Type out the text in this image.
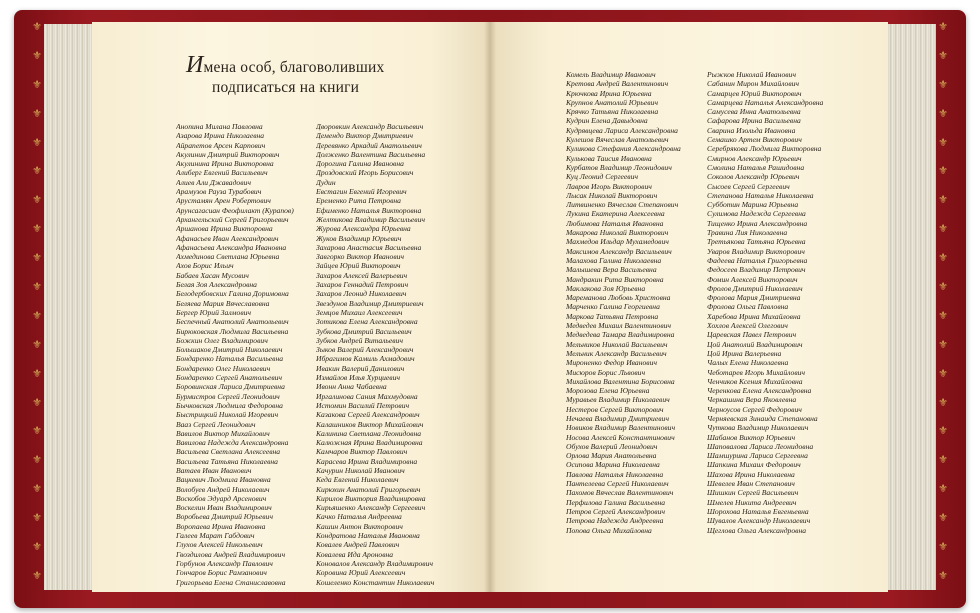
⚜
⚜
⚜
⚜
⚜
⚜
⚜
⚜
⚜
⚜
⚜
⚜
⚜
⚜
⚜
⚜
⚜
⚜
⚜
⚜
⚜
⚜
⚜
⚜
⚜
⚜
⚜
⚜
⚜
⚜
⚜
⚜
⚜
⚜
⚜
⚜
⚜
⚜
⚜
⚜
Имена особ, благоволивших
подписаться на книги
Анопина Милана Павловна
Азарова Ирина Николаевна
Айрапетов Арсен Карпович
Акулинин Дмитрий Викторович
Акулинина Ирина Викторовна
Алиберг Евгений Васильевич
Алиев Али Джавадович
Арамузов Рауза Турабович
Арустамян Арен Робертович
Арунсагасиан Феофилакт (Курапов)
Архангельский Сергей Григорьевич
Аршанова Ирина Викторовна
Афанасьев Иван Александрович
Афанасьева Александра Ивановна
Ахмединова Светлана Юрьевна
Ахов Борис Ильич
Бабаев Хасан Мусович
Белая Зоя Александровна
Белодербовских Галина Доримовна
Беляева Мария Вячеславовна
Бергер Юрий Залмович
Беспечный Анатолий Анатольевич
Бирюковская Людмила Васильевна
Божкин Олег Владимирович
Большаков Дмитрий Николаевич
Бондаренко Наталья Васильевна
Бондаренко Олег Николаевич
Бондаренко Сергей Анатольевич
Боровинская Лариса Дмитриевна
Бурмистров Сергей Леонидович
Бычковская Людмила Федоровна
Быстрицкий Николай Игоревич
Вааз Сергей Леонидович
Вавилов Виктор Михайлович
Вавилова Надежда Александровна
Васильева Светлана Алексеевна
Васильева Татьяна Николаевна
Ватаев Иван Иванович
Вацкевич Людмила Ивановна
Волобуев Андрей Николаевич
Воскобов Эдуард Арсенович
Воскелин Иван Владимирович
Воробьева Дмитрий Юрьевич
Воропаева Ирина Ивановна
Галеев Марат Габдович
Глухов Алексей Никольевич
Гвоздилова Андрей Владимирович
Горбунов Александр Павлович
Гончаров Борис Рамзанович
Григорьева Елена Станиславовна
Дворовкин Александр Васильевич
Демендо Виктор Дмитриевич
Деревянко Аркадий Анатольевич
Долженко Валентина Васильевна
Дорогина Галина Ивановна
Дроздовский Игорь Борисович
Дудин
Евстагин Евгений Игоревич
Еременко Рита Петровна
Ефименко Наталья Викторовна
Желтикова Владимир Васильевич
Журова Александра Юрьевна
Жуков Владимир Юрьевич
Захарова Анастасия Васильевна
Завгорко Виктор Иванович
Зайцев Юрий Викторович
Захаров Алексей Валерьевич
Захаров Геннадий Петрович
Захаров Леонид Николаевич
Звездунов Владимир Дмитриевич
Земцов Михаил Алексеевич
Зотикова Елена Александровна
Зубкова Дмитрий Васильевич
Зубков Андрей Витальевич
Зыков Валерий Александрович
Ибрагимов Камиль Ахмадович
Ивакин Валерий Данилович
Измайлов Илья Хурциевич
Ивонн Анна Чабаевна
Иргалинова Сания Махмудовна
Истомин Василий Петрович
Казакова Сергей Александрович
Калашников Виктор Михайлович
Калинина Светлана Леонидовна
Калюжная Ирина Владимировна
Камчаров Виктор Павлович
Карасева Ирина Владимировна
Качурин Николай Иванович
Кеда Евгений Николаевич
Кирюхин Анатолий Григорьевич
Кирилов Виктория Владимировна
Кирьяшенко Александр Сергеевич
Качко Наталья Андреевна
Кашин Антон Викторович
Кондратова Наталья Ивановна
Ковалев Андрей Павлович
Ковалева Ида Ароновна
Коновалов Александр Владимирович
Коровина Юрий Алексеевич
Кошеленко Константин Николаевич
Комель Владимир Иванович
Кретова Андрей Валентинович
Крючкова Ирина Юрьевна
Крупнов Анатолий Юрьевич
Крячко Татьяна Николаевна
Кудрин Елена Давыдовна
Кудрявцева Лариса Александровна
Кулешов Вячеслав Анатольевич
Куликова Стефания Александровна
Кулькова Таисия Ивановна
Курбатов Владимир Леонидович
Куц Леонид Сергеевич
Лавров Игорь Викторович
Лысак Николай Викторович
Литвиненко Вячеслав Степанович
Лукина Екатерина Алексеевна
Любимова Наталья Ивановна
Макарова Николай Викторович
Махмедов Ильдар Мухамедович
Максимов Александр Васильевич
Малахова Галина Николаевна
Малышева Вера Васильевна
Мандракин Рита Викторовна
Маклакова Зоя Юрьевна
Мареманова Любовь Христовна
Марченко Галина Георгиевна
Маркова Татьяна Петровна
Медведев Михаил Валентинович
Медведева Тамара Владимировна
Мельников Николай Васильевич
Мельник Александр Васильевич
Мироненко Федор Иванович
Мисюров Борис Львович
Михайлова Валентина Борисовна
Морозова Елена Юрьевна
Муравьев Владимир Николаевич
Нестеров Сергей Викторович
Нечаева Владимир Дмитриевич
Новиков Владимир Валентинович
Носова Алексей Константинович
Обухов Валерий Леонидович
Орлова Мария Анатольевна
Осипова Марина Николаевна
Павлова Наталья Николаевна
Пантелеева Сергей Николаевич
Пахомов Вячеслав Валентинович
Перфилова Галина Васильевна
Петров Сергей Александрович
Петрова Надежда Андреевна
Попова Ольга Михайловна
Рыжков Николай Иванович
Сабанин Мирон Михайлович
Самарцев Юрий Викторович
Самарцева Наталья Александровна
Самусева Инна Анатольевна
Сафарова Ирина Васильевна
Сварина Изольда Ивановна
Семашко Артем Викторович
Серебрякова Людмила Викторовна
Смирнов Александр Юрьевич
Смолина Наталья Рашидовна
Соколов Александр Юрьевич
Сысоев Сергей Сергеевич
Степанова Наталья Николаевна
Субботин Марина Юрьевна
Сулимова Надежда Сергеевна
Тищенко Ирина Александровна
Травина Лия Николаевна
Третьякова Татьяна Юрьевна
Уваров Владимир Викторович
Фадеева Наталья Григорьевна
Федосеев Владимир Петрович
Фомин Алексей Викторович
Фролов Дмитрий Николаевич
Фролова Мария Дмитриевна
Фролова Ольга Павловна
Харебова Ирина Михайловна
Хохлов Алексей Олегович
Царевская Павел Петрович
Цой Анатолий Владимирович
Цой Ирина Валерьевна
Чалых Елена Николаевна
Чеботарев Игорь Михайлович
Ченчиков Ксения Михайловна
Черенкова Елена Александровна
Черкашина Вера Яковлевна
Черноусов Сергей Федорович
Черняевская Зинаида Степановна
Чуткова Владимир Николаевич
Шабанов Виктор Юрьевич
Шаповалова Лариса Леонидовна
Шамшурина Лариса Сергеевна
Шапкина Михаил Федорович
Шахова Ирина Николаевна
Шевелев Иван Степанович
Шишкин Сергей Васильевич
Шмелев Никита Андреевич
Шорохова Наталья Евгеньевна
Шувалов Александр Николаевич
Щеглова Ольга Александровна
